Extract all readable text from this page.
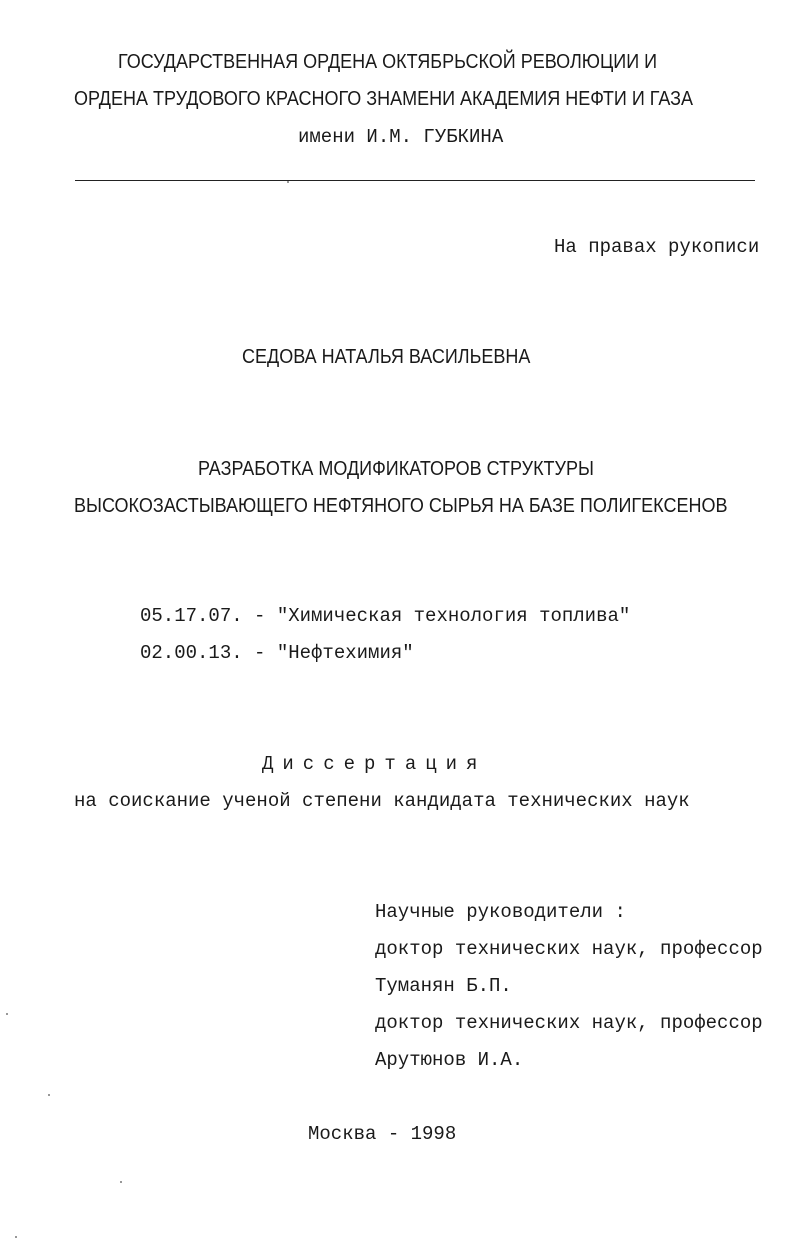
ГОСУДАРСТВЕННАЯ ОРДЕНА ОКТЯБРЬСКОЙ РЕВОЛЮЦИИ И
ОРДЕНА ТРУДОВОГО КРАСНОГО ЗНАМЕНИ АКАДЕМИЯ НЕФТИ И ГАЗА
имени И.М. ГУБКИНА
На правах рукописи
СЕДОВА НАТАЛЬЯ ВАСИЛЬЕВНА
РАЗРАБОТКА МОДИФИКАТОРОВ СТРУКТУРЫ
ВЫСОКОЗАСТЫВАЮЩЕГО НЕФТЯНОГО СЫРЬЯ НА БАЗЕ ПОЛИГЕКСЕНОВ
05.17.07. - "Химическая технология топлива"
02.00.13. - "Нефтехимия"
Диссертация
на соискание ученой степени кандидата технических наук
Научные руководители :
доктор технических наук, профессор
Туманян Б.П.
доктор технических наук, профессор
Арутюнов И.А.
Москва - 1998
